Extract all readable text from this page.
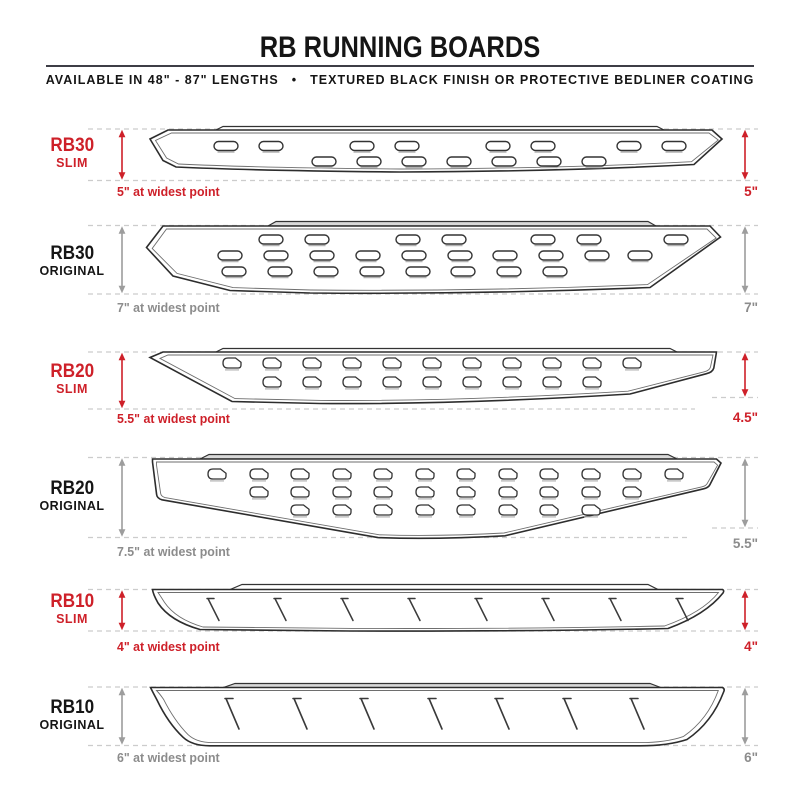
RB RUNNING BOARDS
AVAILABLE IN 48" - 87" LENGTHS • TEXTURED BLACK FINISH OR PROTECTIVE BEDLINER COATING
RB30
SLIM
5" at widest point	5"
RB30
ORIGINAL
7" at widest point	7"
RB20
SLIM
5.5" at widest point	4.5"
RB20
ORIGINAL
7.5" at widest point
5.5"
RB10
SLIM
4" at widest point	4"
RB10
ORIGINAL
6" at widest point	6"
